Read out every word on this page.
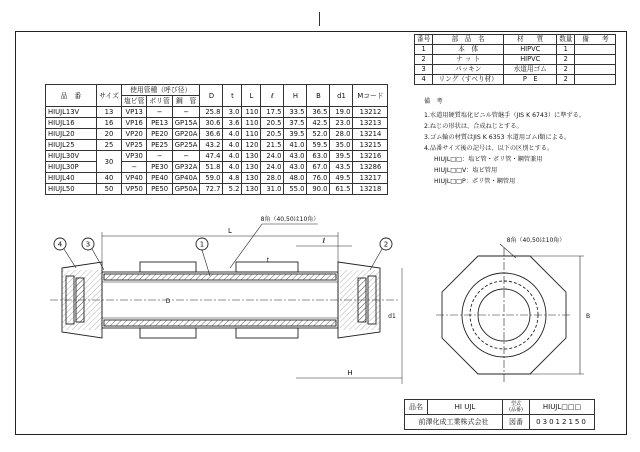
番号	部　品　名	材　　質	数量	備　　考
1	本　体	HIPVC	1	
2	ナ ッ ト	HIPVC	2	
3	パッキン	水道用ゴム	2	
4	リング（すべり材）	P　E	2	
品　番	サイズ	使用管種（呼び径）			D	t	L	ℓ	H	B	d1	Mコード
		塩ビ管	ポリ管	鋼　管								
HIUJL13V	13	VP13	−	−	25.8	3.0	110	17.5	33.5	36.5	19.0	13212
HIUJL16	16	VP16	PE13	GP15A	30.6	3.6	110	20.5	37.5	42.5	23.0	13213
HIUJL20	20	VP20	PE20	GP20A	36.6	4.0	110	20.5	39.5	52.0	28.0	13214
HIUJL25	25	VP25	PE25	GP25A	43.2	4.0	120	21.5	41.0	59.5	35.0	13215
HIUJL30V	30	VP30	−	−	47.4	4.0	130	24.0	43.0	63.0	39.5	13216
HIUJL30P		−	PE30	GP32A	51.8	4.0	130	24.0	43.0	67.0	43.5	13286
HIUJL40	40	VP40	PE40	GP40A	59.0	4.8	130	28.0	48.0	76.0	49.5	13217
HIUJL50	50	VP50	PE50	GP50A	72.7	5.2	130	31.0	55.0	90.0	61.5	13218
備　考
1.水道用硬質塩化ビニル管継手（JIS K 6743）に準ずる。
2.ねじの形状は、合成ねじとする。
3.ゴム輪の材質はJIS K 6353 水道用ゴムⅠ類による。
4.品番サイズ後の記号は、以下の区別とする。
HIUJL□□：塩ビ管・ポリ管・鋼管兼用
HIUJL□□V：塩ビ管用
HIUJL□□P：ポリ管・鋼管用
4	3	1	2
L
ℓ
t
D
d1
H
B
8角（40,50は10角）
8角（40,50は10角）
品名	HI UJL	型式
(品番)	HIUJL□□□
前澤化成工業株式会社		図番	03012150
